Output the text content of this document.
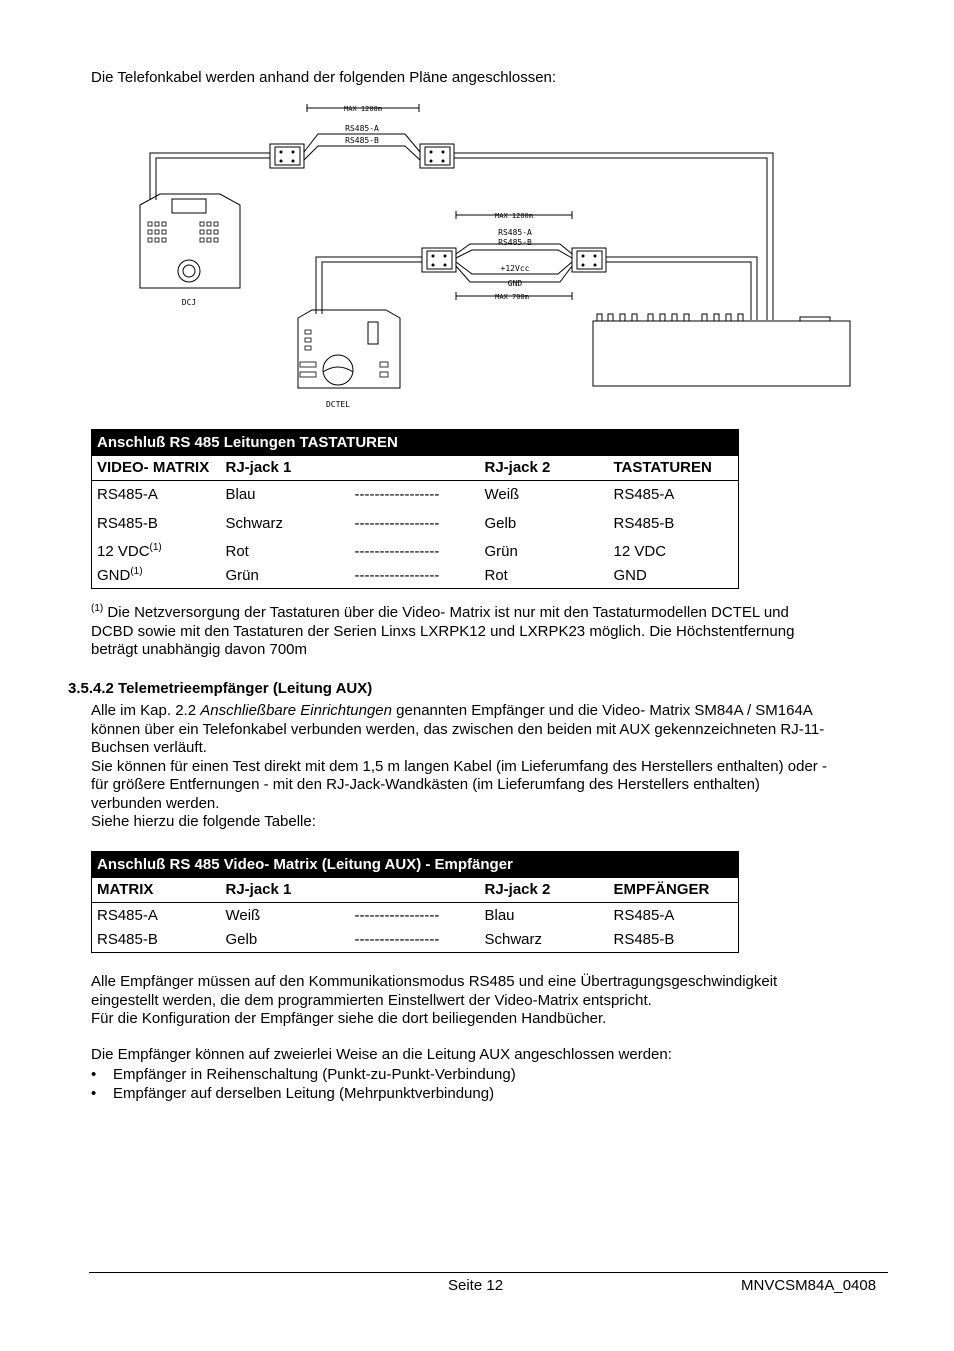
Die Telefonkabel werden anhand der folgenden Pläne angeschlossen:
MAX 1200m
RS485-A
RS485-B
MAX 1200m
RS485-A
RS485-B
+12Vcc
GND
MAX 700m
DCJ
DCTEL
Anschluß RS 485 Leitungen TASTATUREN				
VIDEO- MATRIX	RJ-jack 1		RJ-jack 2	TASTATUREN
RS485-A	Blau	-----------------	Weiß	RS485-A
RS485-B	Schwarz	-----------------	Gelb	RS485-B
12 VDC$^{(1)}$	Rot	-----------------	Grün	12 VDC
GND$^{(1)}$	Grün	-----------------	Rot	GND
$^{(1)}$ Die Netzversorgung der Tastaturen über die Video- Matrix ist nur mit den Tastaturmodellen DCTEL und
DCBD sowie mit den Tastaturen der Serien Linxs LXRPK12 und LXRPK23 möglich. Die Höchstentfernung
beträgt unabhängig davon 700m
3.5.4.2 Telemetrieempfänger (Leitung AUX)
Alle im Kap. 2.2 Anschließbare Einrichtungen genannten Empfänger und die Video- Matrix SM84A / SM164A
können über ein Telefonkabel verbunden werden, das zwischen den beiden mit AUX gekennzeichneten RJ-11-
Buchsen verläuft.
Sie können für einen Test direkt mit dem 1,5 m langen Kabel (im Lieferumfang des Herstellers enthalten) oder -
für größere Entfernungen - mit den RJ-Jack-Wandkästen (im Lieferumfang des Herstellers enthalten)
verbunden werden.
Siehe hierzu die folgende Tabelle:
Anschluß RS 485 Video- Matrix (Leitung AUX) - Empfänger				
MATRIX	RJ-jack 1		RJ-jack 2	EMPFÄNGER
RS485-A	Weiß	-----------------	Blau	RS485-A
RS485-B	Gelb	-----------------	Schwarz	RS485-B
Alle Empfänger müssen auf den Kommunikationsmodus RS485 und eine Übertragungsgeschwindigkeit
eingestellt werden, die dem programmierten Einstellwert der Video-Matrix entspricht.
Für die Konfiguration der Empfänger siehe die dort beiliegenden Handbücher.
Die Empfänger können auf zweierlei Weise an die Leitung AUX angeschlossen werden:
• Empfänger in Reihenschaltung (Punkt-zu-Punkt-Verbindung)
• Empfänger auf derselben Leitung (Mehrpunktverbindung)
Seite 12	MNVCSM84A_0408
